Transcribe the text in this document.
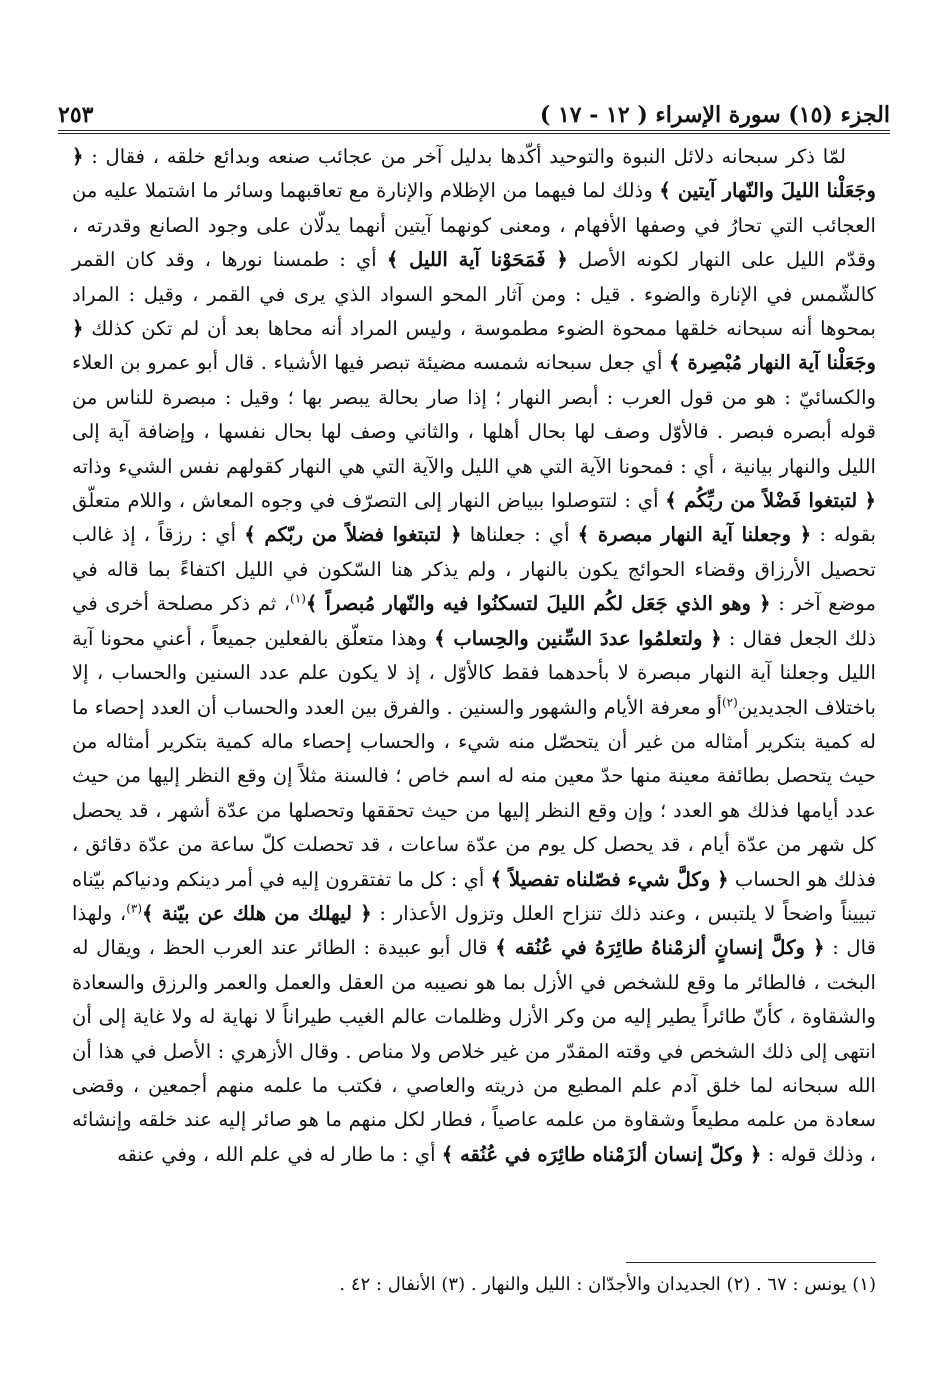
الجزء (١٥) سورة الإسراء ( ١٢ - ١٧ )
٢٥٣

لمّا ذكر سبحانه دلائل النبوة والتوحيد أكّدها بدليل آخر من عجائب صنعه وبدائع خلقه ، فقال : ﴿ وجَعَلْنا الليلَ والنّهار آيتين ﴾ وذلك لما فيهما من الإظلام والإنارة مع تعاقبهما وسائر ما اشتملا عليه من العجائب التي تحارُ في وصفها الأفهام ، ومعنى كونهما آيتين أنهما يدلّان على وجود الصانع وقدرته ، وقدّم الليل على النهار لكونه الأصل ﴿ فَمَحَوْنا آية الليل ﴾ أي : طمسنا نورها ، وقد كان القمر كالشّمس في الإنارة والضوء . قيل : ومن آثار المحو السواد الذي يرى في القمر ، وقيل : المراد بمحوها أنه سبحانه خلقها ممحوة الضوء مطموسة ، وليس المراد أنه محاها بعد أن لم تكن كذلك ﴿ وجَعَلْنا آية النهار مُبْصِرة ﴾ أي جعل سبحانه شمسه مضيئة تبصر فيها الأشياء . قال أبو عمرو بن العلاء والكسائيّ : هو من قول العرب : أبصر النهار ؛ إذا صار بحالة يبصر بها ؛ وقيل : مبصرة للناس من قوله أبصره فبصر . فالأوّل وصف لها بحال أهلها ، والثاني وصف لها بحال نفسها ، وإضافة آية إلى الليل والنهار بيانية ، أي : فمحونا الآية التي هي الليل والآية التي هي النهار كقولهم نفس الشيء وذاته ﴿ لتبتغوا فَضْلاً من ربِّكُم ﴾ أي : لتتوصلوا ببياض النهار إلى التصرّف في وجوه المعاش ، واللام متعلّق بقوله : ﴿ وجعلنا آية النهار مبصرة ﴾ أي : جعلناها ﴿ لتبتغوا فضلاً من ربّكم ﴾ أي : رزقاً ، إذ غالب تحصيل الأرزاق وقضاء الحوائج يكون بالنهار ، ولم يذكر هنا السّكون في الليل اكتفاءً بما قاله في موضع آخر : ﴿ وهو الذي جَعَل لكُم الليلَ لتسكنُوا فيه والنّهار مُبصراً ﴾$^{(١)}$، ثم ذكر مصلحة أخرى في ذلك الجعل فقال : ﴿ ولتعلمُوا عددَ السِّنين والحِساب ﴾ وهذا متعلّق بالفعلين جميعاً ، أعني محونا آية الليل وجعلنا آية النهار مبصرة لا بأحدهما فقط كالأوّل ، إذ لا يكون علم عدد السنين والحساب ، إلا باختلاف الجديدين$^{(٢)}$أو معرفة الأيام والشهور والسنين . والفرق بين العدد والحساب أن العدد إحصاء ما له كمية بتكرير أمثاله من غير أن يتحصّل منه شيء ، والحساب إحصاء ماله كمية بتكرير أمثاله من حيث يتحصل بطائفة معينة منها حدّ معين منه له اسم خاص ؛ فالسنة مثلاً إن وقع النظر إليها من حيث عدد أيامها فذلك هو العدد ؛ وإن وقع النظر إليها من حيث تحققها وتحصلها من عدّة أشهر ، قد يحصل كل شهر من عدّة أيام ، قد يحصل كل يوم من عدّة ساعات ، قد تحصلت كلّ ساعة من عدّة دقائق ، فذلك هو الحساب ﴿ وكلَّ شيء فصّلناه تفصيلاً ﴾ أي : كل ما تفتقرون إليه في أمر دينكم ودنياكم بيّناه تبييناً واضحاً لا يلتبس ، وعند ذلك تنزاح العلل وتزول الأعذار : ﴿ ليهلك من هلك عن بيّنة ﴾$^{(٣)}$، ولهذا قال : ﴿ وكلَّ إنسانٍ ألزمْناهُ طائِرَهُ في عُنُقه ﴾ قال أبو عبيدة : الطائر عند العرب الحظ ، ويقال له البخت ، فالطائر ما وقع للشخص في الأزل بما هو نصيبه من العقل والعمل والعمر والرزق والسعادة والشقاوة ، كأنّ طائراً يطير إليه من وكر الأزل وظلمات عالم الغيب طيراناً لا نهاية له ولا غاية إلى أن انتهى إلى ذلك الشخص في وقته المقدّر من غير خلاص ولا مناص . وقال الأزهري : الأصل في هذا أن الله سبحانه لما خلق آدم علم المطيع من ذريته والعاصي ، فكتب ما علمه منهم أجمعين ، وقضى سعادة من علمه مطيعاً وشقاوة من علمه عاصياً ، فطار لكل منهم ما هو صائر إليه عند خلقه وإنشائه ، وذلك قوله : ﴿ وكلّ إنسان ألزَمْناه طائِرَه في عُنُقه ﴾ أي : ما طار له في علم الله ، وفي عنقه

(١) يونس : ٦٧ . (٢) الجديدان والأجدّان : الليل والنهار . (٣) الأنفال : ٤٢ .
